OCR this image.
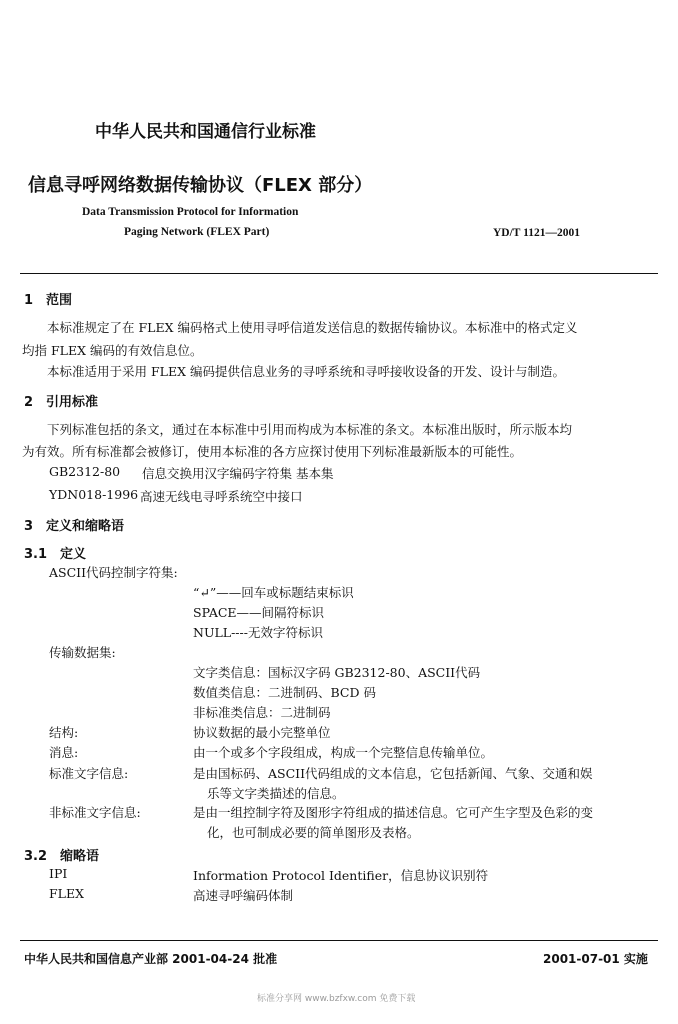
中华人民共和国通信行业标准
信息寻呼网络数据传输协议（FLEX 部分）
Data Transmission Protocol for Information
Paging Network (FLEX Part)	YD/T 1121—2001
1　范围
本标准规定了在 FLEX 编码格式上使用寻呼信道发送信息的数据传输协议。本标准中的格式定义
均指 FLEX 编码的有效信息位。
本标准适用于采用 FLEX 编码提供信息业务的寻呼系统和寻呼接收设备的开发、设计与制造。
2　引用标准
下列标准包括的条文，通过在本标准中引用而构成为本标准的条文。本标准出版时，所示版本均
为有效。所有标准都会被修订，使用本标准的各方应探讨使用下列标准最新版本的可能性。
GB2312-80 信息交换用汉字编码字符集 基本集
YDN018-1996 高速无线电寻呼系统空中接口
3　定义和缩略语
3.1　定义
ASCII代码控制字符集:
“↵”——回车或标题结束标识
SPACE——间隔符标识
NULL----无效字符标识
传输数据集:
文字类信息：国标汉字码 GB2312-80、ASCII代码
数值类信息：二进制码、BCD 码
非标准类信息：二进制码
结构:	协议数据的最小完整单位
消息:	由一个或多个字段组成，构成一个完整信息传输单位。
标准文字信息:	是由国标码、ASCII代码组成的文本信息，它包括新闻、气象、交通和娱
乐等文字类描述的信息。
非标准文字信息:	是由一组控制字符及图形字符组成的描述信息。它可产生字型及色彩的变
化，也可制成必要的简单图形及表格。
3.2　缩略语
IPI	Information Protocol Identifier，信息协议识别符
FLEX	高速寻呼编码体制
中华人民共和国信息产业部 2001-04-24 批准	2001-07-01 实施
标准分享网 www.bzfxw.com 免费下载
